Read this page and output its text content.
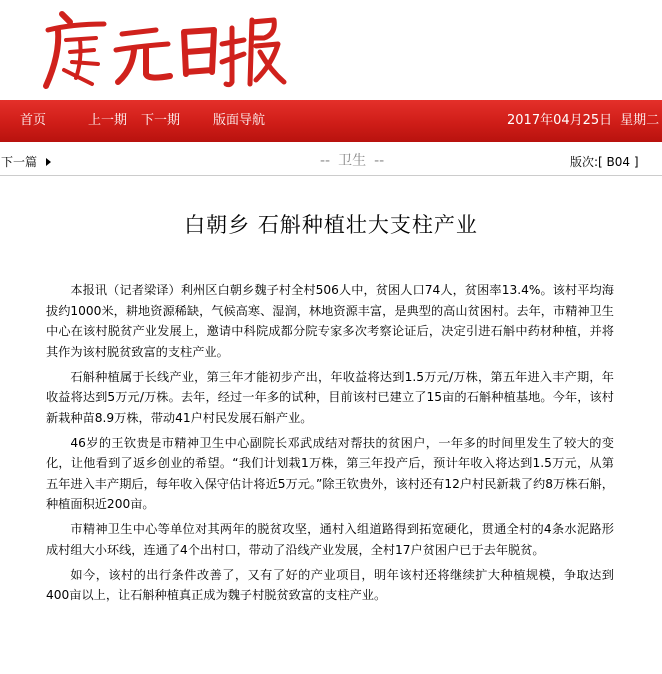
首页	上一期 下一期	版面导航	2017年04月25日 星期二
下一篇	-- 卫生 --	版次:[ B04 ]
白朝乡 石斛种植壮大支柱产业

本报讯（记者梁译）利州区白朝乡魏子村全村506人中，贫困人口74人，贫困率13.4%。该村平均海拔约1000米，耕地资源稀缺，气候高寒、湿润，林地资源丰富，是典型的高山贫困村。去年，市精神卫生中心在该村脱贫产业发展上，邀请中科院成都分院专家多次考察论证后，决定引进石斛中药材种植，并将其作为该村脱贫致富的支柱产业。

石斛种植属于长线产业，第三年才能初步产出，年收益将达到1.5万元/万株，第五年进入丰产期，年收益将达到5万元/万株。去年，经过一年多的试种，目前该村已建立了15亩的石斛种植基地。今年，该村新栽种苗8.9万株，带动41户村民发展石斛产业。

46岁的王钦贵是市精神卫生中心副院长邓武成结对帮扶的贫困户，一年多的时间里发生了较大的变化，让他看到了返乡创业的希望。“我们计划栽1万株，第三年投产后，预计年收入将达到1.5万元，从第五年进入丰产期后，每年收入保守估计将近5万元。”除王钦贵外，该村还有12户村民新栽了约8万株石斛，种植面积近200亩。

市精神卫生中心等单位对其两年的脱贫攻坚，通村入组道路得到拓宽硬化，贯通全村的4条水泥路形成村组大小环线，连通了4个出村口，带动了沿线产业发展，全村17户贫困户已于去年脱贫。

如今，该村的出行条件改善了，又有了好的产业项目，明年该村还将继续扩大种植规模，争取达到400亩以上，让石斛种植真正成为魏子村脱贫致富的支柱产业。
